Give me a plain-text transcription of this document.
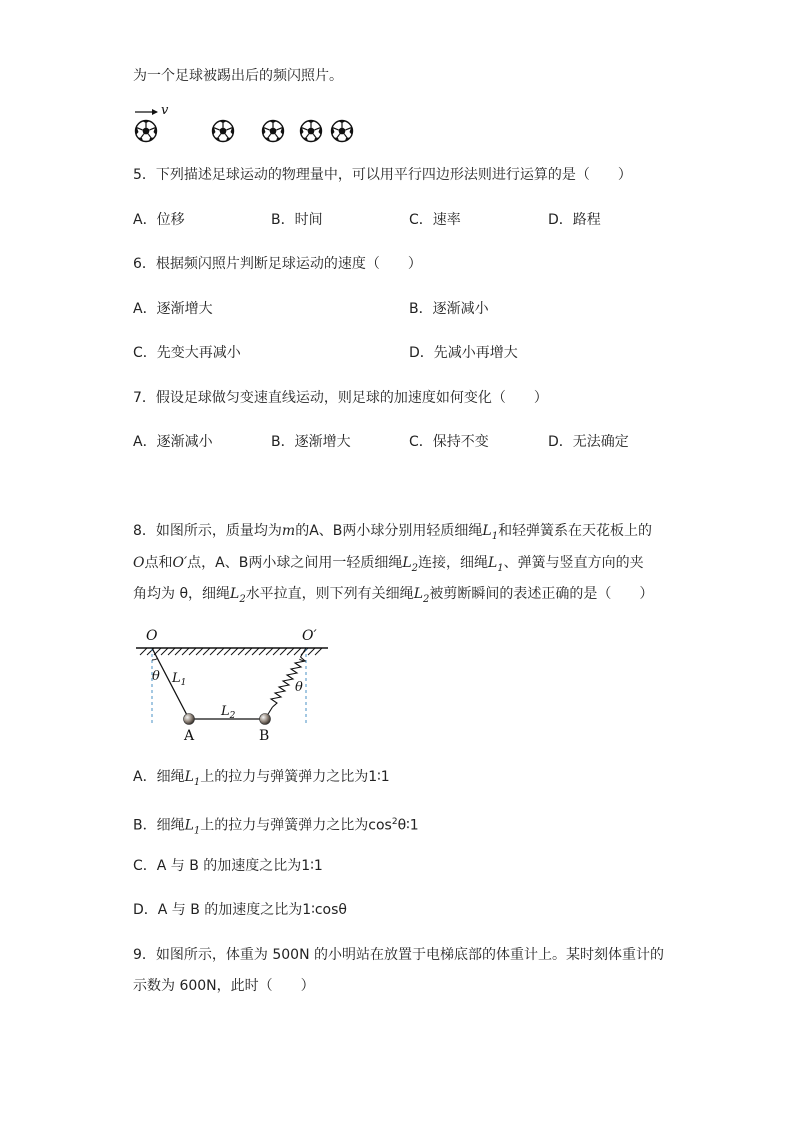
为一个足球被踢出后的频闪照片。
v
5．下列描述足球运动的物理量中，可以用平行四边形法则进行运算的是（　　）
A．位移	B．时间	C．速率	D．路程
6．根据频闪照片判断足球运动的速度（　　）
A．逐渐增大	B．逐渐减小
C．先变大再减小	D．先减小再增大
7．假设足球做匀变速直线运动，则足球的加速度如何变化（　　）
A．逐渐减小	B．逐渐增大	C．保持不变	D．无法确定
8．如图所示，质量均为m的A、B两小球分别用轻质细绳$L_1$和轻弹簧系在天花板上的
O点和O′点，A、B两小球之间用一轻质细绳$L_2$连接，细绳$L_1$、弹簧与竖直方向的夹
角均为 θ，细绳$L_2$水平拉直，则下列有关细绳$L_2$被剪断瞬间的表述正确的是（　　）
O	O′
θ $L_1$
$L_2$
θ
A	B
A．细绳$L_1$上的拉力与弹簧弹力之比为1∶1
B．细绳$L_1$上的拉力与弹簧弹力之比为$\cos^2\theta∶1$
C．A 与 B 的加速度之比为1∶1
D．A 与 B 的加速度之比为1∶cosθ
9．如图所示，体重为 500N 的小明站在放置于电梯底部的体重计上。某时刻体重计的
示数为 600N，此时（　　）
